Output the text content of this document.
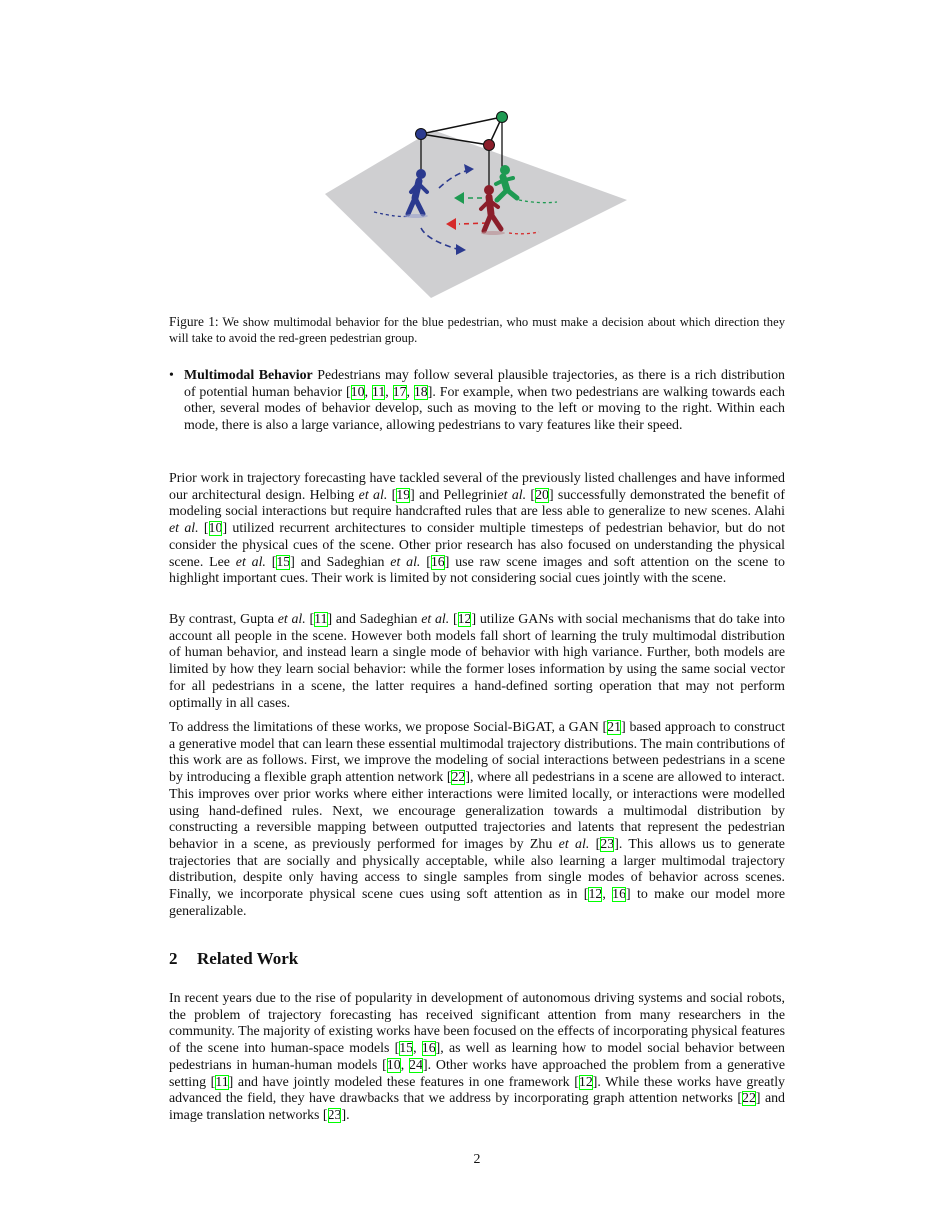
Figure 1: We show multimodal behavior for the blue pedestrian, who must make a decision about which direction they will take to avoid the red-green pedestrian group.
• Multimodal Behavior Pedestrians may follow several plausible trajectories, as there is a rich distribution of potential human behavior [10, 11, 17, 18]. For example, when two pedestrians are walking towards each other, several modes of behavior develop, such as moving to the left or moving to the right. Within each mode, there is also a large variance, allowing pedestrians to vary features like their speed.

Prior work in trajectory forecasting have tackled several of the previously listed challenges and have informed our architectural design. Helbing et al. [19] and Pellegriniet al. [20] successfully demonstrated the benefit of modeling social interactions but require handcrafted rules that are less able to generalize to new scenes. Alahi et al. [10] utilized recurrent architectures to consider multiple timesteps of pedestrian behavior, but do not consider the physical cues of the scene. Other prior research has also focused on understanding the physical scene. Lee et al. [15] and Sadeghian et al. [16] use raw scene images and soft attention on the scene to highlight important cues. Their work is limited by not considering social cues jointly with the scene.

By contrast, Gupta et al. [11] and Sadeghian et al. [12] utilize GANs with social mechanisms that do take into account all people in the scene. However both models fall short of learning the truly multimodal distribution of human behavior, and instead learn a single mode of behavior with high variance. Further, both models are limited by how they learn social behavior: while the former loses information by using the same social vector for all pedestrians in a scene, the latter requires a hand-defined sorting operation that may not perform optimally in all cases.

To address the limitations of these works, we propose Social-BiGAT, a GAN [21] based approach to construct a generative model that can learn these essential multimodal trajectory distributions. The main contributions of this work are as follows. First, we improve the modeling of social interactions between pedestrians in a scene by introducing a flexible graph attention network [22], where all pedestrians in a scene are allowed to interact. This improves over prior works where either interactions were limited locally, or interactions were modelled using hand-defined rules. Next, we encourage generalization towards a multimodal distribution by constructing a reversible mapping between outputted trajectories and latents that represent the pedestrian behavior in a scene, as previously performed for images by Zhu et al. [23]. This allows us to generate trajectories that are socially and physically acceptable, while also learning a larger multimodal trajectory distribution, despite only having access to single samples from single modes of behavior across scenes. Finally, we incorporate physical scene cues using soft attention as in [12, 16] to make our model more generalizable.

2 Related Work

In recent years due to the rise of popularity in development of autonomous driving systems and social robots, the problem of trajectory forecasting has received significant attention from many researchers in the community. The majority of existing works have been focused on the effects of incorporating physical features of the scene into human-space models [15, 16], as well as learning how to model social behavior between pedestrians in human-human models [10, 24]. Other works have approached the problem from a generative setting [11] and have jointly modeled these features in one framework [12]. While these works have greatly advanced the field, they have drawbacks that we address by incorporating graph attention networks [22] and image translation networks [23].

2
